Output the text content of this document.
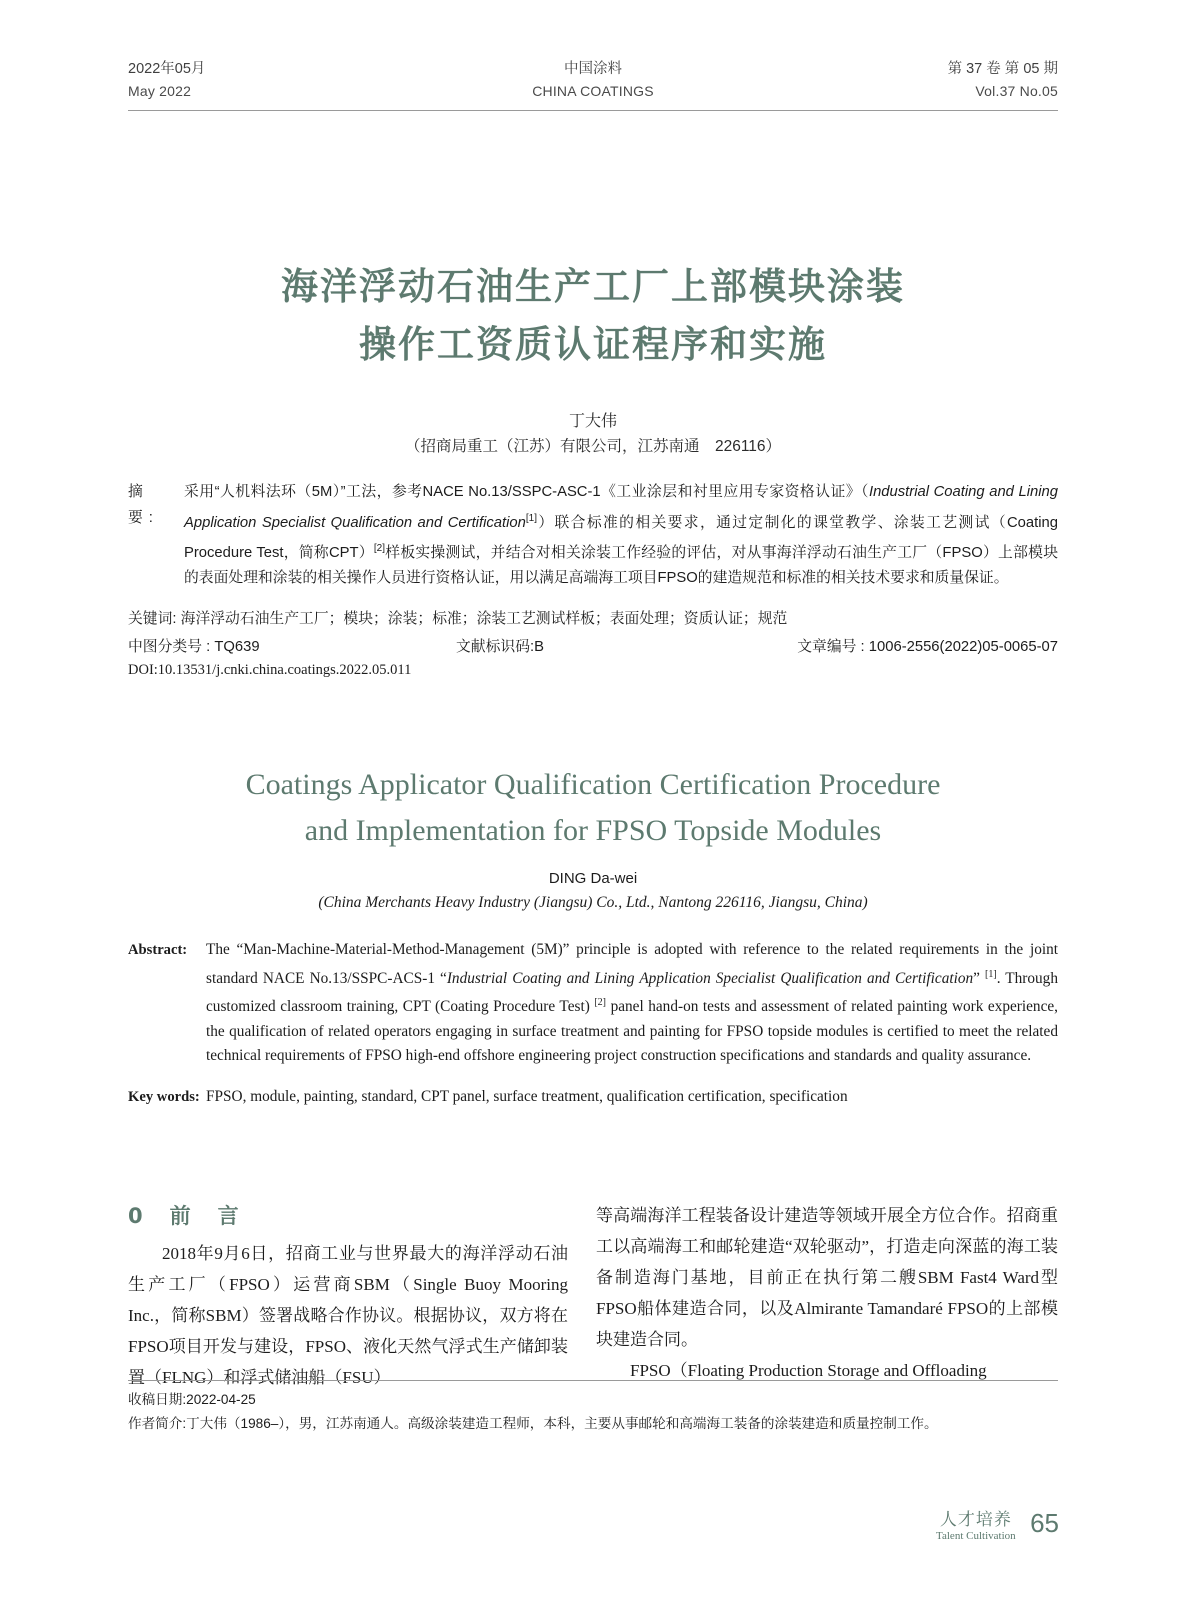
2022年05月
May 2022
中国涂料
CHINA COATINGS
第 37 卷 第 05 期
Vol.37 No.05
海洋浮动石油生产工厂上部模块涂装
操作工资质认证程序和实施
丁大伟
（招商局重工（江苏）有限公司，江苏南通　226116）
摘　要:
采用“人机料法环（5M）”工法，参考NACE No.13/SSPC-ASC-1《工业涂层和衬里应用专家资格认证》（Industrial Coating and Lining Application Specialist Qualification and Certification[1]）联合标准的相关要求，通过定制化的课堂教学、涂装工艺测试（Coating Procedure Test，简称CPT）[2]样板实操测试，并结合对相关涂装工作经验的评估，对从事海洋浮动石油生产工厂（FPSO）上部模块的表面处理和涂装的相关操作人员进行资格认证，用以满足高端海工项目FPSO的建造规范和标准的相关技术要求和质量保证。
关键词: 海洋浮动石油生产工厂；模块；涂装；标准；涂装工艺测试样板；表面处理；资质认证；规范
中图分类号 : TQ639	文献标识码:B	文章编号 : 1006-2556(2022)05-0065-07
DOI:10.13531/j.cnki.china.coatings.2022.05.011
Coatings Applicator Qualification Certification Procedure
and Implementation for FPSO Topside Modules
DING Da-wei
(China Merchants Heavy Industry (Jiangsu) Co., Ltd., Nantong 226116, Jiangsu, China)
Abstract:	The “Man-Machine-Material-Method-Management (5M)” principle is adopted with reference to the related requirements in the joint standard NACE No.13/SSPC-ACS-1 “Industrial Coating and Lining Application Specialist Qualification and Certification” [1]. Through customized classroom training, CPT (Coating Procedure Test) [2] panel hand-on tests and assessment of related painting work experience, the qualification of related operators engaging in surface treatment and painting for FPSO topside modules is certified to meet the related technical requirements of FPSO high-end offshore engineering project construction specifications and standards and quality assurance.
Key words: FPSO, module, painting, standard, CPT panel, surface treatment, qualification certification, specification
0　前　言

2018年9月6日，招商工业与世界最大的海洋浮动石油生产工厂（FPSO）运营商SBM（Single Buoy Mooring Inc.，简称SBM）签署战略合作协议。根据协议，双方将在FPSO项目开发与建设，FPSO、液化天然气浮式生产储卸装置（FLNG）和浮式储油船（FSU）

等高端海洋工程装备设计建造等领域开展全方位合作。招商重工以高端海工和邮轮建造“双轮驱动”，打造走向深蓝的海工装备制造海门基地，目前正在执行第二艘SBM Fast4 Ward型FPSO船体建造合同，以及Almirante Tamandaré FPSO的上部模块建造合同。

FPSO（Floating Production Storage and Offloading

收稿日期:2022-04-25
作者简介:丁大伟（1986–），男，江苏南通人。高级涂装建造工程师，本科，主要从事邮轮和高端海工装备的涂装建造和质量控制工作。
人才培养
Talent Cultivation 65
